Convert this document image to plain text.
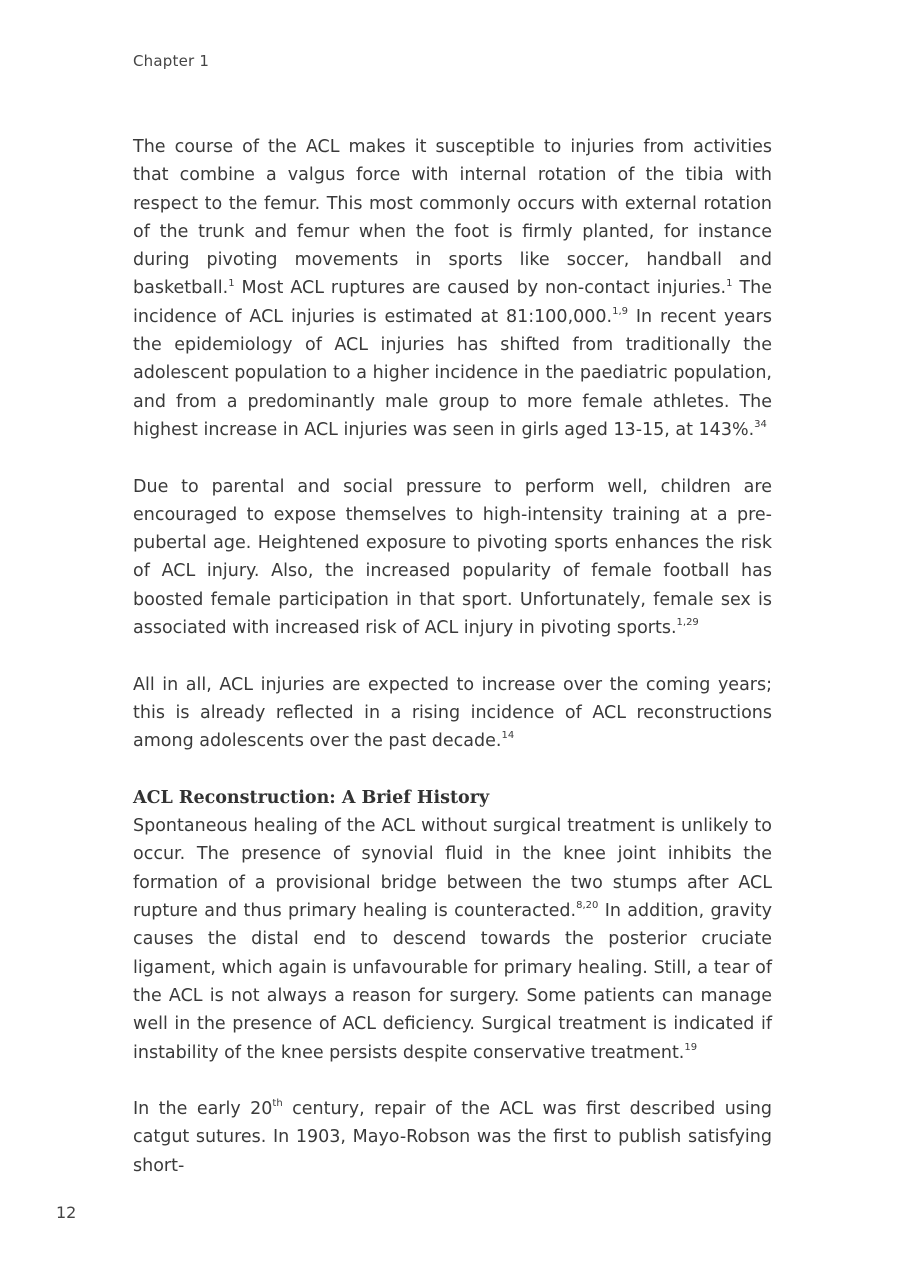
Chapter 1

The course of the ACL makes it susceptible to injuries from activities that combine a valgus force with internal rotation of the tibia with respect to the femur. This most commonly occurs with external rotation of the trunk and femur when the foot is firmly planted, for instance during pivoting movements in sports like soccer, handball and basketball.$^1$ Most ACL ruptures are caused by non-contact injuries.$^1$ The incidence of ACL injuries is estimated at 81:100,000.$^{1,9}$ In recent years the epidemiology of ACL injuries has shifted from traditionally the adolescent population to a higher incidence in the paediatric population, and from a predominantly male group to more female athletes. The highest increase in ACL injuries was seen in girls aged 13-15, at 143%.$^{34}$

Due to parental and social pressure to perform well, children are encouraged to expose themselves to high-intensity training at a pre-pubertal age. Heightened exposure to pivoting sports enhances the risk of ACL injury. Also, the increased popularity of female football has boosted female participation in that sport. Unfortunately, female sex is associated with increased risk of ACL injury in pivoting sports.$^{1,29}$

All in all, ACL injuries are expected to increase over the coming years; this is already reflected in a rising incidence of ACL reconstructions among adolescents over the past decade.$^{14}$

ACL Reconstruction: A Brief History

Spontaneous healing of the ACL without surgical treatment is unlikely to occur. The presence of synovial fluid in the knee joint inhibits the formation of a provisional bridge between the two stumps after ACL rupture and thus primary healing is counteracted.$^{8,20}$ In addition, gravity causes the distal end to descend towards the posterior cruciate ligament, which again is unfavourable for primary healing. Still, a tear of the ACL is not always a reason for surgery. Some patients can manage well in the presence of ACL deficiency. Surgical treatment is indicated if instability of the knee persists despite conservative treatment.$^{19}$

In the early 20th century, repair of the ACL was first described using catgut sutures. In 1903, Mayo-Robson was the first to publish satisfying short-

12
